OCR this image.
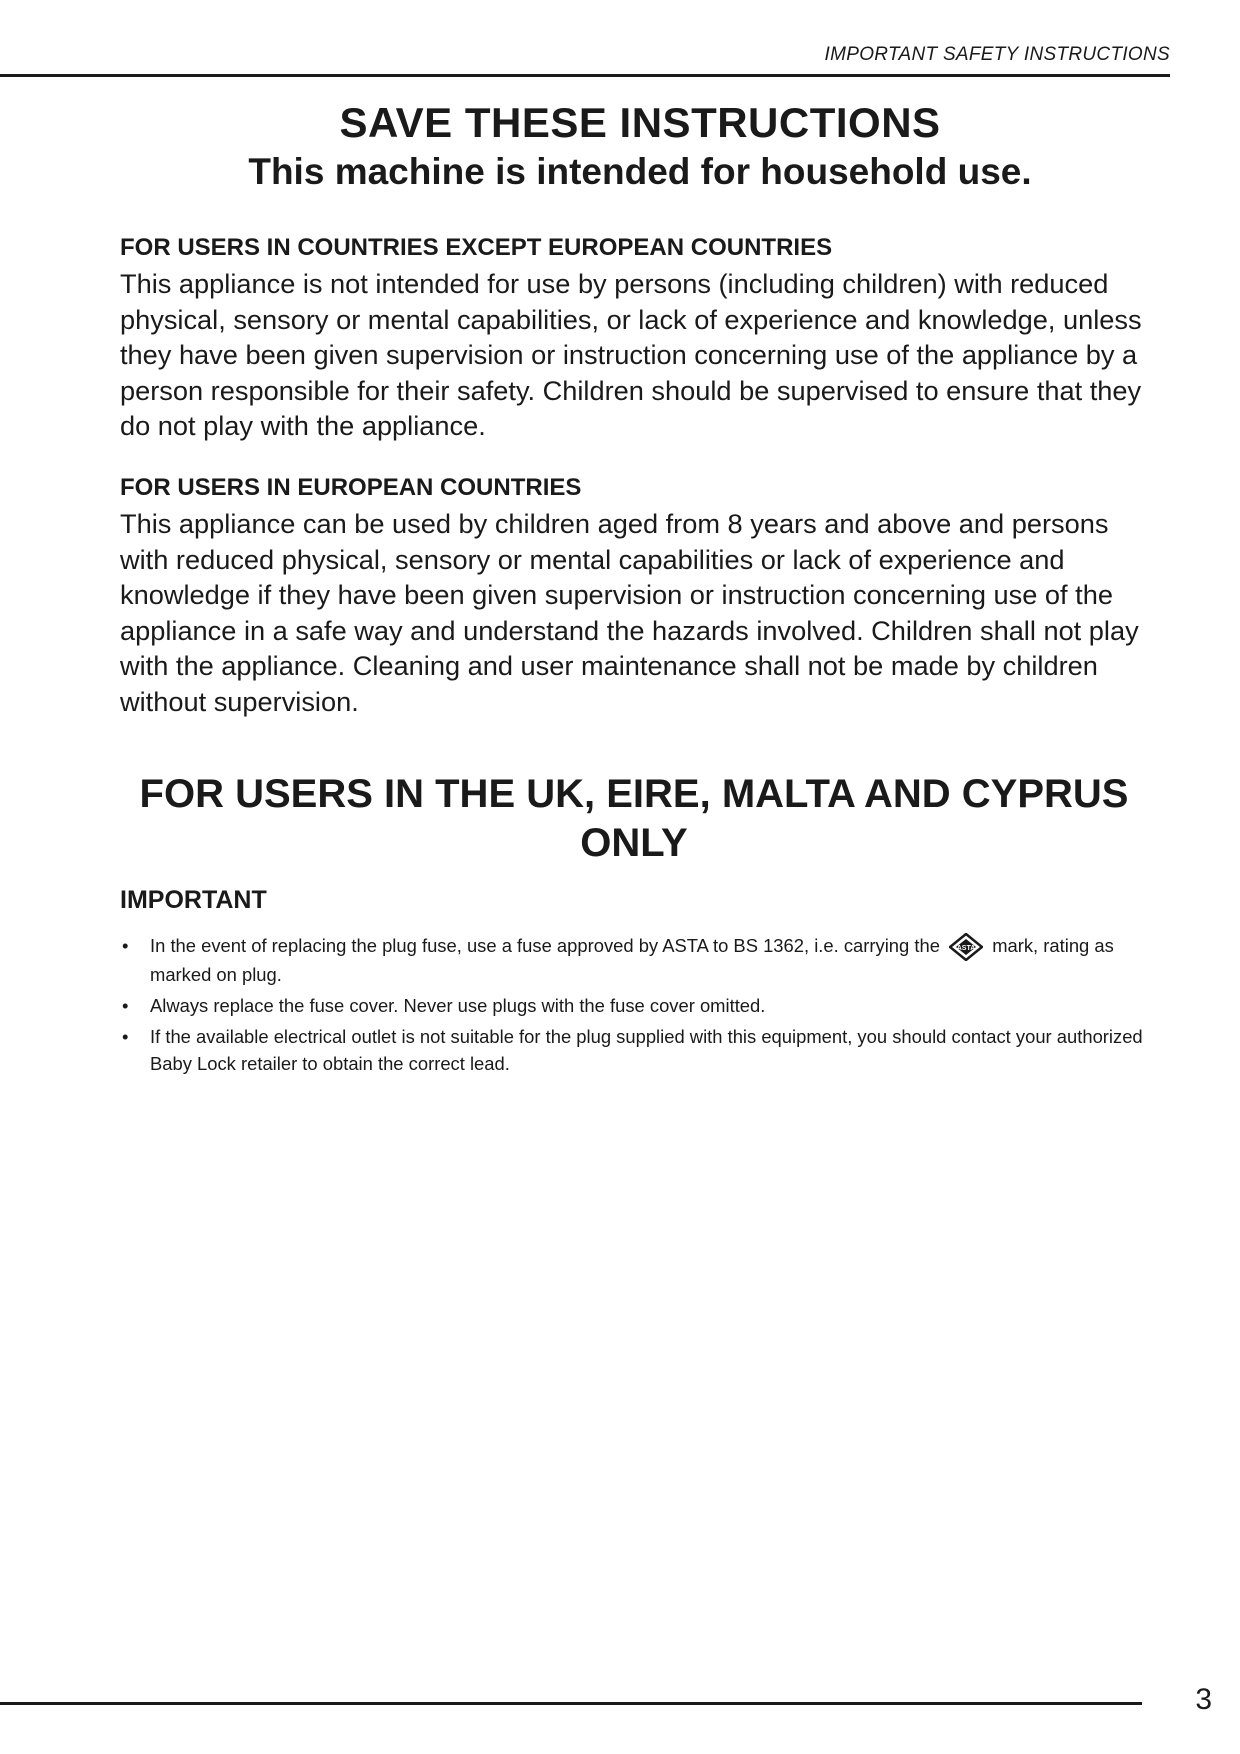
IMPORTANT SAFETY INSTRUCTIONS
SAVE THESE INSTRUCTIONS
This machine is intended for household use.
FOR USERS IN COUNTRIES EXCEPT EUROPEAN COUNTRIES

This appliance is not intended for use by persons (including children) with reduced physical, sensory or mental capabilities, or lack of experience and knowledge, unless they have been given supervision or instruction concerning use of the appliance by a person responsible for their safety. Children should be supervised to ensure that they do not play with the appliance.

FOR USERS IN EUROPEAN COUNTRIES

This appliance can be used by children aged from 8 years and above and persons with reduced physical, sensory or mental capabilities or lack of experience and knowledge if they have been given supervision or instruction concerning use of the appliance in a safe way and understand the hazards involved. Children shall not play with the appliance. Cleaning and user maintenance shall not be made by children without supervision.

FOR USERS IN THE UK, EIRE, MALTA AND CYPRUS ONLY
IMPORTANT
• In the event of replacing the plug fuse, use a fuse approved by ASTA to BS 1362, i.e. carrying the ASTA mark, rating as marked on plug.
• Always replace the fuse cover. Never use plugs with the fuse cover omitted.
• If the available electrical outlet is not suitable for the plug supplied with this equipment, you should contact your authorized Baby Lock retailer to obtain the correct lead.
3
